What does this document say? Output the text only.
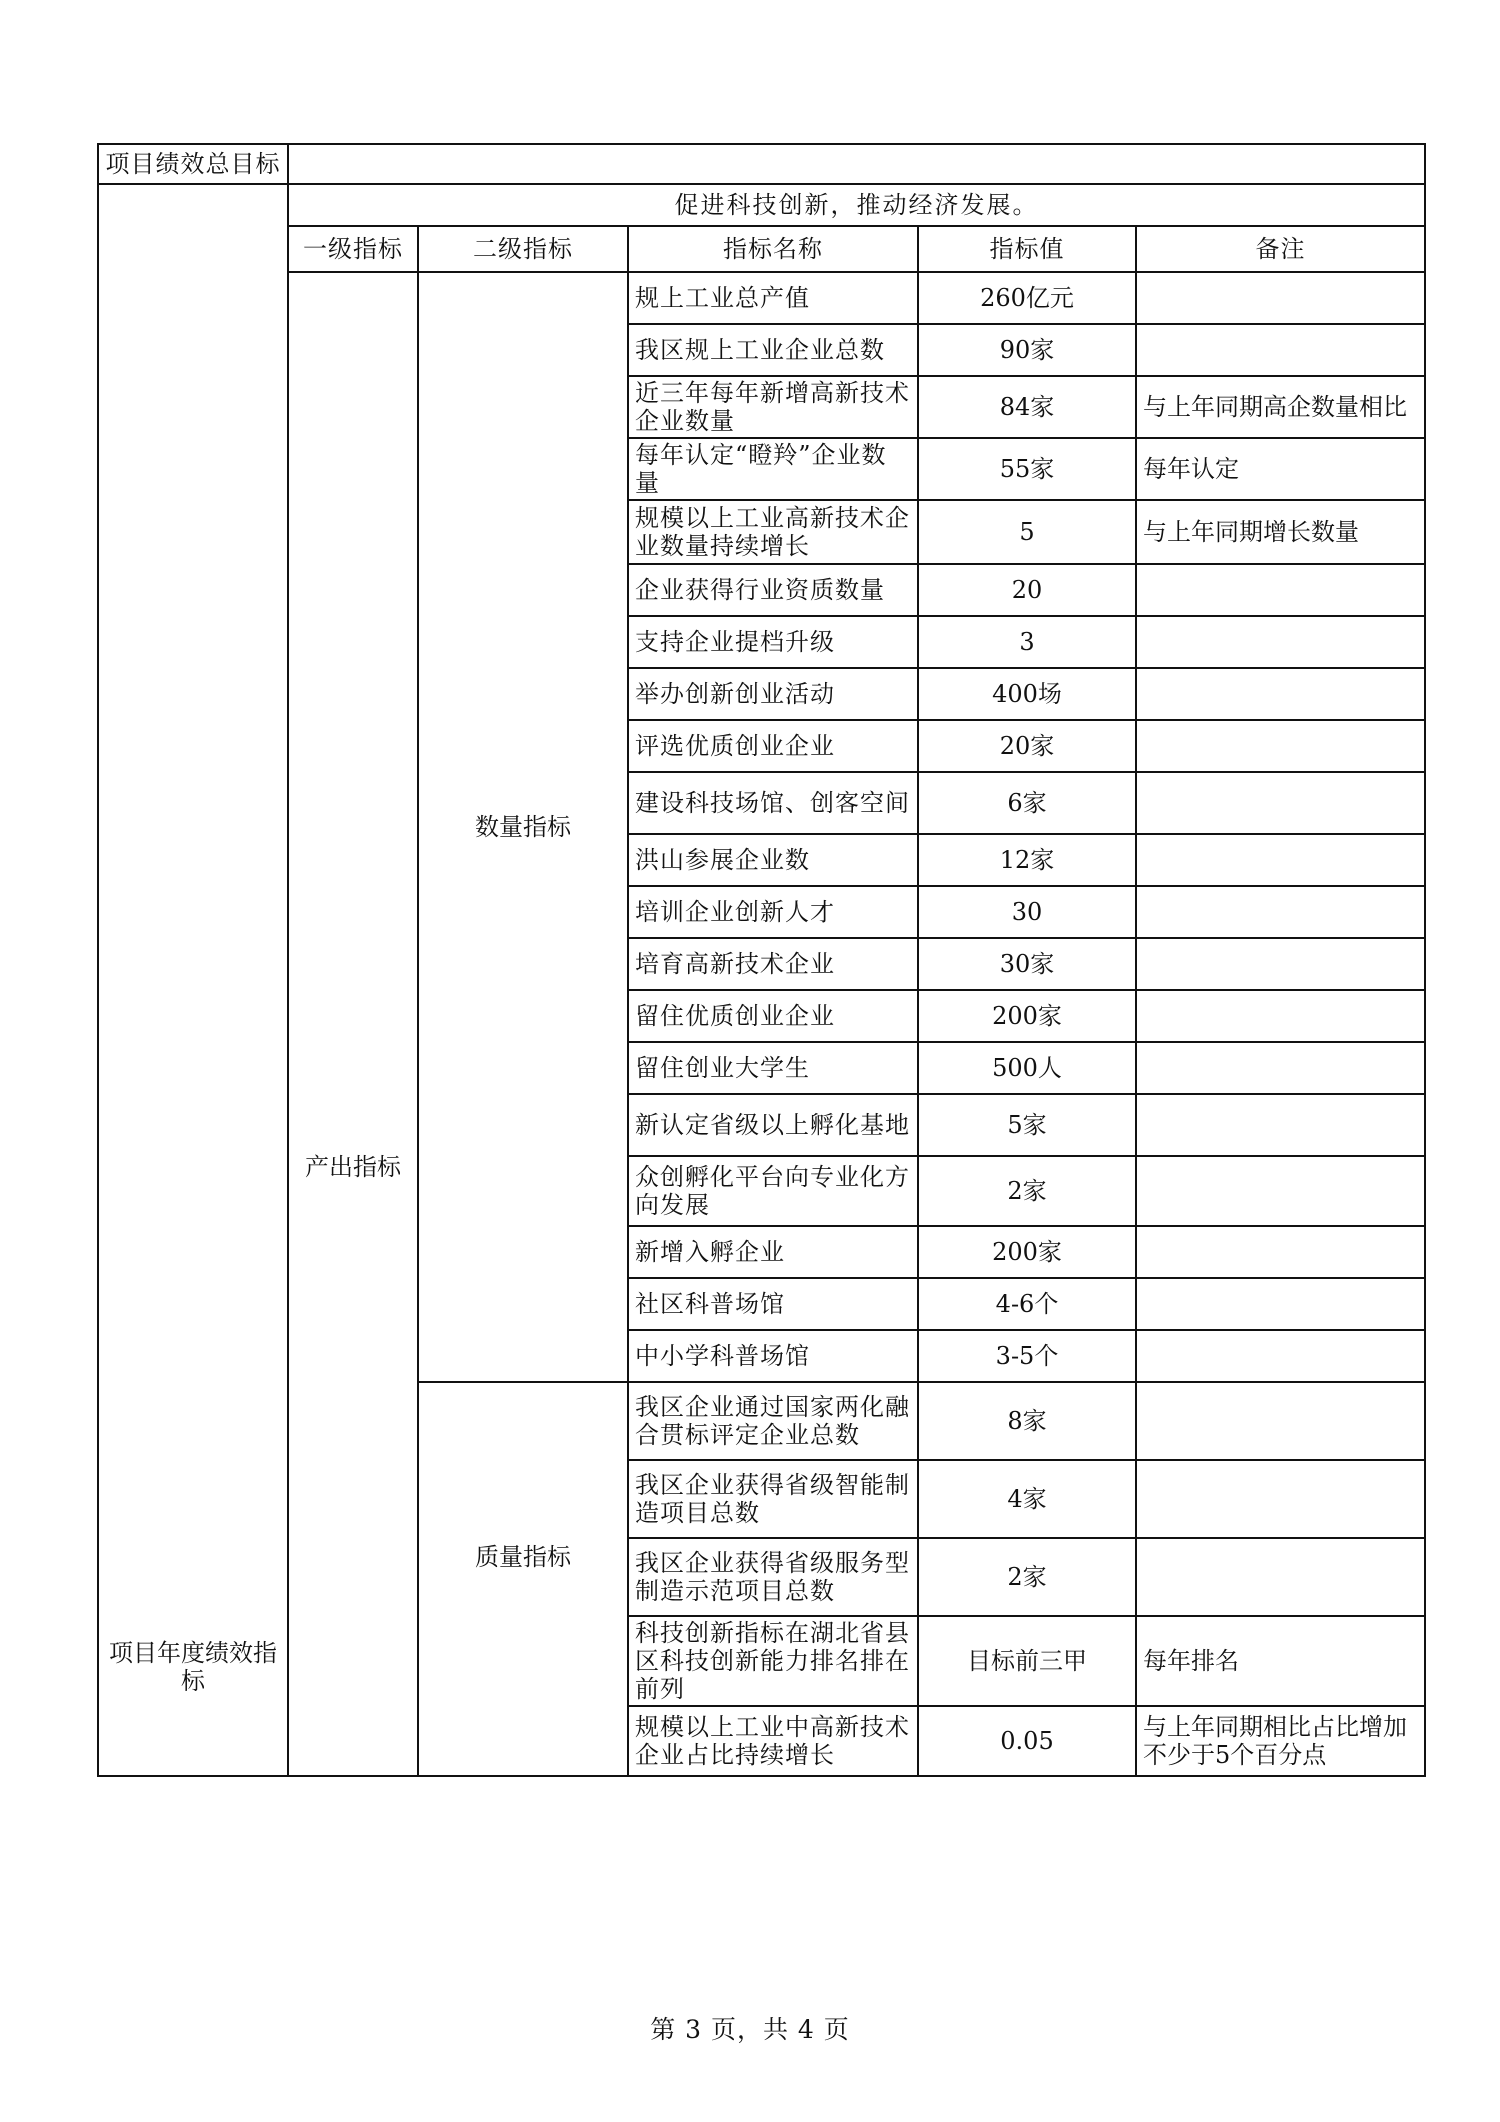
项目绩效总目标					
项目年度绩效指标	促进科技创新，推动经济发展。				
	一级指标	二级指标	指标名称	指标值	备注
	产出指标	数量指标	规上工业总产值	260亿元	
			我区规上工业企业总数	90家	
			近三年每年新增高新技术企业数量	84家	与上年同期高企数量相比
			每年认定“瞪羚”企业数量	55家	每年认定
			规模以上工业高新技术企业数量持续增长	5	与上年同期增长数量
			企业获得行业资质数量	20	
			支持企业提档升级	3	
			举办创新创业活动	400场	
			评选优质创业企业	20家	
			建设科技场馆、创客空间	6家	
			洪山参展企业数	12家	
			培训企业创新人才	30	
			培育高新技术企业	30家	
			留住优质创业企业	200家	
			留住创业大学生	500人	
			新认定省级以上孵化基地	5家	
			众创孵化平台向专业化方向发展	2家	
			新增入孵企业	200家	
			社区科普场馆	4-6个	
			中小学科普场馆	3-5个	
		质量指标	我区企业通过国家两化融合贯标评定企业总数	8家	
			我区企业获得省级智能制造项目总数	4家	
			我区企业获得省级服务型制造示范项目总数	2家	
			科技创新指标在湖北省县区科技创新能力排名排在前列	目标前三甲	每年排名
			规模以上工业中高新技术企业占比持续增长	0.05	与上年同期相比占比增加不少于5个百分点
第 3 页，共 4 页
